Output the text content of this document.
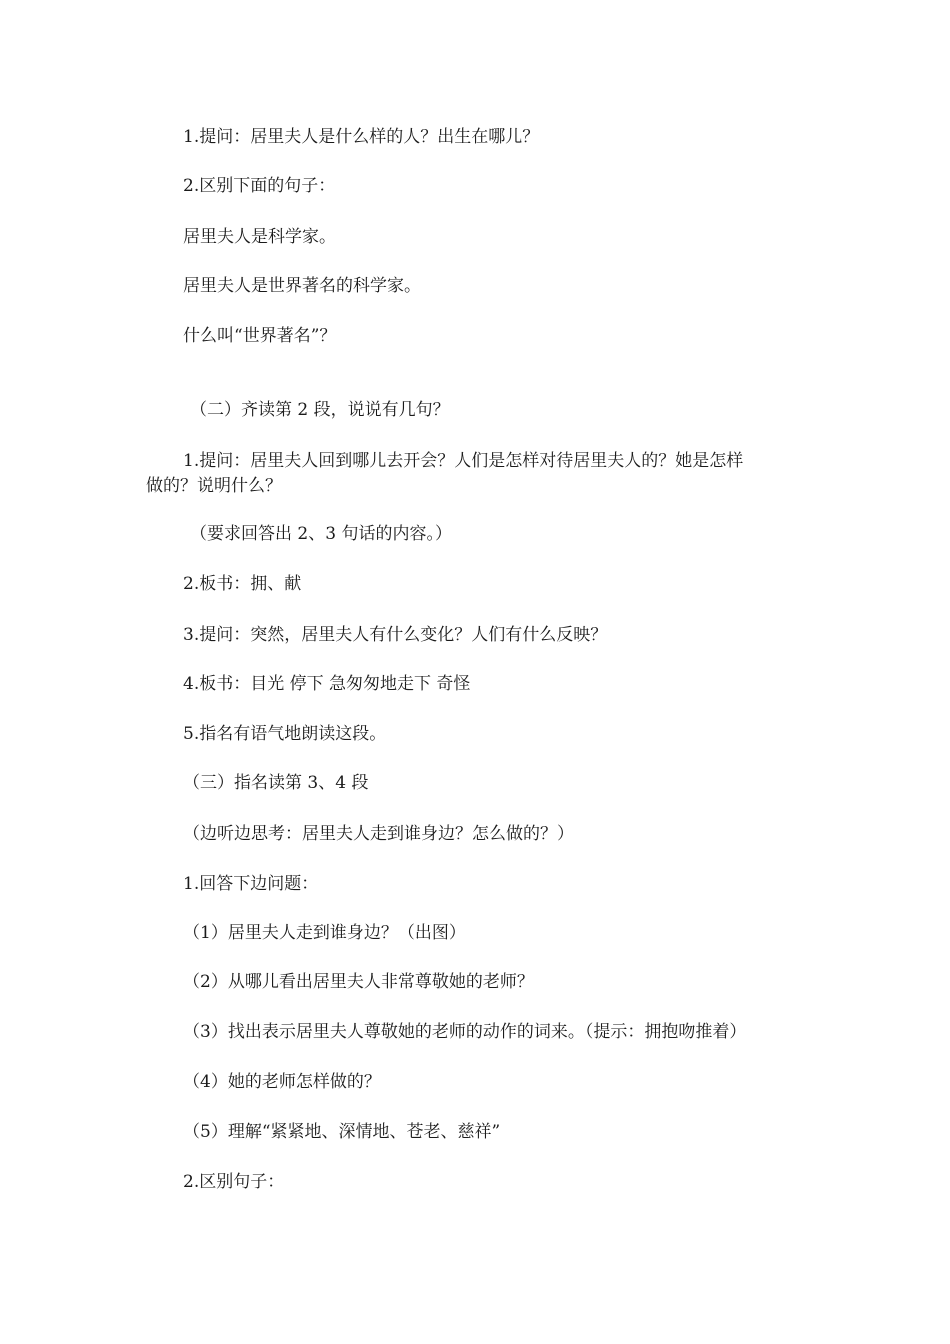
1.提问：居里夫人是什么样的人？出生在哪儿？
2.区别下面的句子：
居里夫人是科学家。
居里夫人是世界著名的科学家。
什么叫“世界著名”？
（二）齐读第 2 段，说说有几句？
1.提问：居里夫人回到哪儿去开会？人们是怎样对待居里夫人的？她是怎样
做的？说明什么？
（要求回答出 2、3 句话的内容。）
2.板书：拥、献
3.提问：突然，居里夫人有什么变化？人们有什么反映？
4.板书：目光 停下 急匆匆地走下 奇怪
5.指名有语气地朗读这段。
（三）指名读第 3、4 段
（边听边思考：居里夫人走到谁身边？怎么做的？）
1.回答下边问题：
（1）居里夫人走到谁身边？（出图）
（2）从哪儿看出居里夫人非常尊敬她的老师？
（3）找出表示居里夫人尊敬她的老师的动作的词来。（提示：拥抱吻推着）
（4）她的老师怎样做的？
（5）理解“紧紧地、深情地、苍老、慈祥”
2.区别句子：
